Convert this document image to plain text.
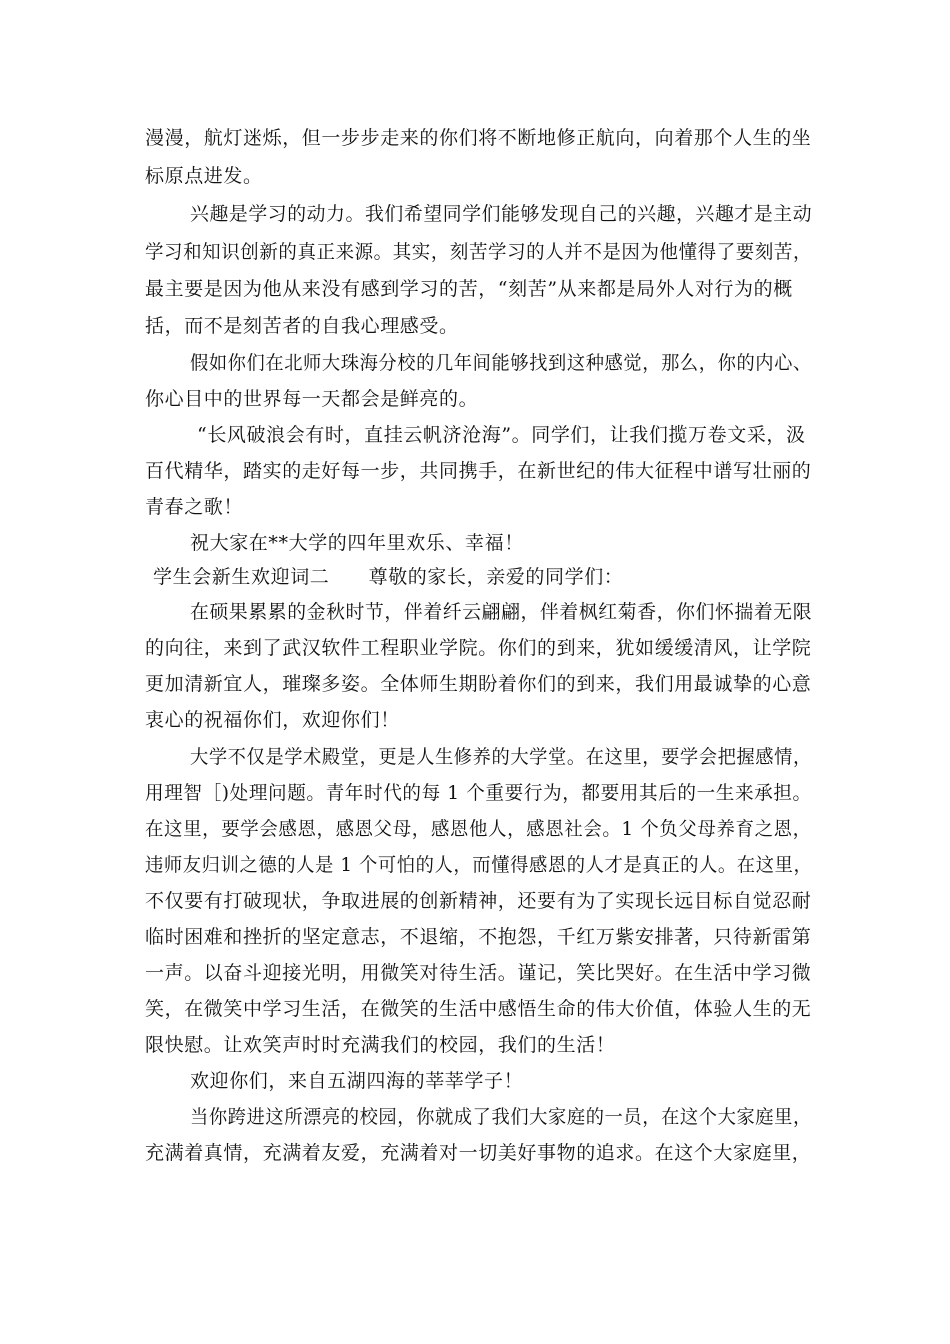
漫漫，航灯迷烁，但一步步走来的你们将不断地修正航向，向着那个人生的坐
标原点进发。
兴趣是学习的动力。我们希望同学们能够发现自己的兴趣，兴趣才是主动
学习和知识创新的真正来源。其实，刻苦学习的人并不是因为他懂得了要刻苦，
最主要是因为他从来没有感到学习的苦，“刻苦”从来都是局外人对行为的概
括，而不是刻苦者的自我心理感受。
假如你们在北师大珠海分校的几年间能够找到这种感觉，那么，你的内心、
你心目中的世界每一天都会是鲜亮的。
“长风破浪会有时，直挂云帆济沧海”。同学们，让我们揽万卷文采，汲
百代精华，踏实的走好每一步，共同携手，在新世纪的伟大征程中谱写壮丽的
青春之歌！
祝大家在**大学的四年里欢乐、幸福！
学生会新生欢迎词二　　尊敬的家长，亲爱的同学们：
在硕果累累的金秋时节，伴着纤云翩翩，伴着枫红菊香，你们怀揣着无限
的向往，来到了武汉软件工程职业学院。你们的到来，犹如缓缓清风，让学院
更加清新宜人，璀璨多姿。全体师生期盼着你们的到来，我们用最诚挚的心意
衷心的祝福你们，欢迎你们！
大学不仅是学术殿堂，更是人生修养的大学堂。在这里，要学会把握感情，
用理智［)处理问题。青年时代的每 1 个重要行为，都要用其后的一生来承担。
在这里，要学会感恩，感恩父母，感恩他人，感恩社会。1 个负父母养育之恩，
违师友归训之德的人是 1 个可怕的人，而懂得感恩的人才是真正的人。在这里，
不仅要有打破现状，争取进展的创新精神，还要有为了实现长远目标自觉忍耐
临时困难和挫折的坚定意志，不退缩，不抱怨，千红万紫安排著，只待新雷第
一声。以奋斗迎接光明，用微笑对待生活。谨记，笑比哭好。在生活中学习微
笑，在微笑中学习生活，在微笑的生活中感悟生命的伟大价值，体验人生的无
限快慰。让欢笑声时时充满我们的校园，我们的生活！
欢迎你们，来自五湖四海的莘莘学子！
当你跨进这所漂亮的校园，你就成了我们大家庭的一员，在这个大家庭里，
充满着真情，充满着友爱，充满着对一切美好事物的追求。在这个大家庭里，
